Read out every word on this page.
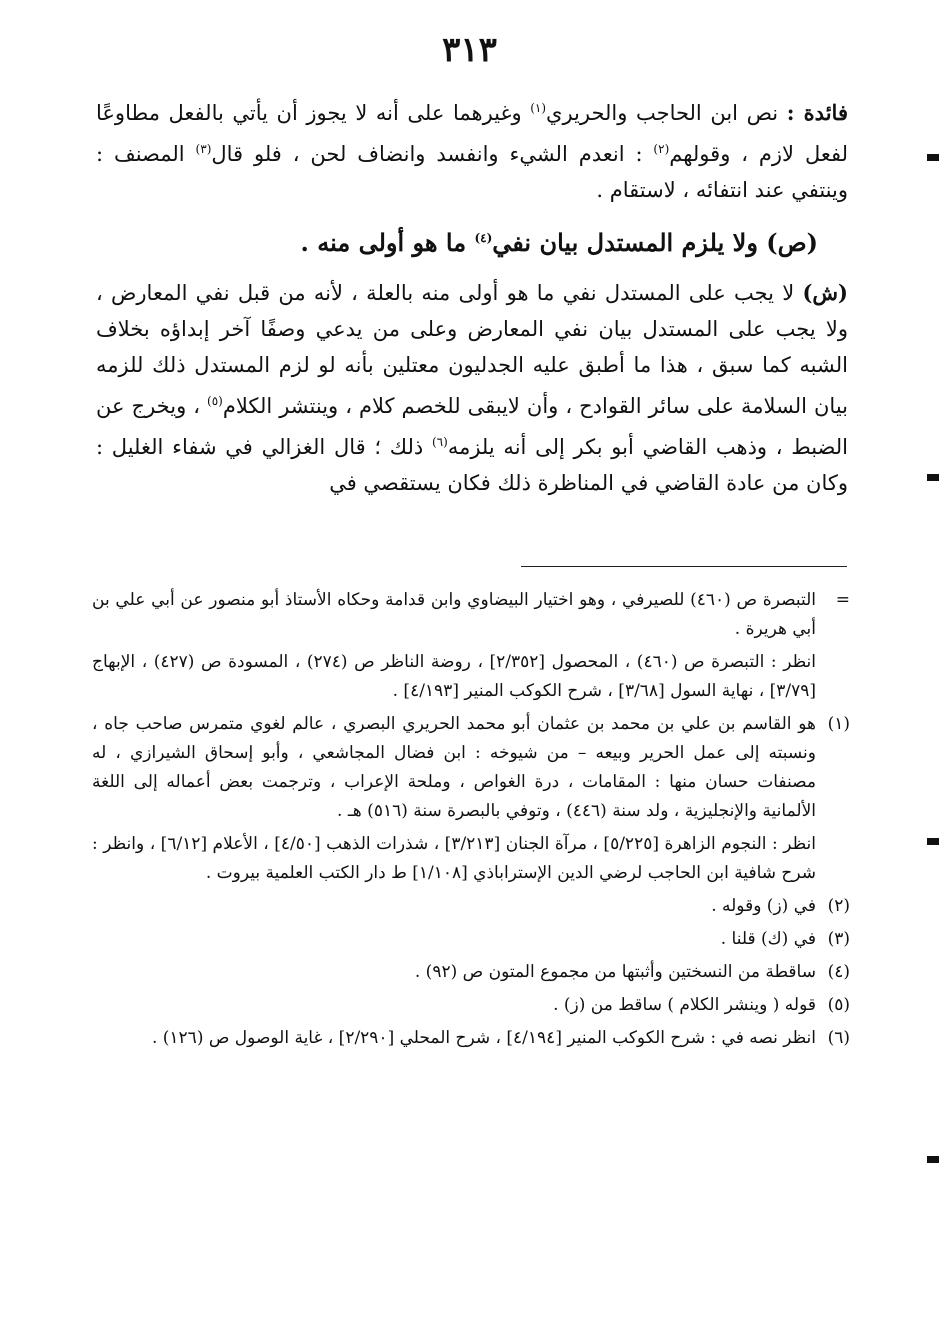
٣١٣

فائدة : نص ابن الحاجب والحريري$^{(١)}$ وغيرهما على أنه لا يجوز أن يأتي بالفعل مطاوعًا لفعل لازم ، وقولهم$^{(٢)}$ : انعدم الشيء وانفسد وانضاف لحن ، فلو قال$^{(٣)}$ المصنف : وينتفي عند انتفائه ، لاستقام .

(ص) ولا يلزم المستدل بيان نفي$^{(٤)}$ ما هو أولى منه .

(ش) لا يجب على المستدل نفي ما هو أولى منه بالعلة ، لأنه من قبل نفي المعارض ، ولا يجب على المستدل بيان نفي المعارض وعلى من يدعي وصفًا آخر إبداؤه بخلاف الشبه كما سبق ، هذا ما أطبق عليه الجدليون معتلين بأنه لو لزم المستدل ذلك للزمه بيان السلامة على سائر القوادح ، وأن لايبقى للخصم كلام ، وينتشر الكلام$^{(٥)}$ ، ويخرج عن الضبط ، وذهب القاضي أبو بكر إلى أنه يلزمه$^{(٦)}$ ذلك ؛ قال الغزالي في شفاء الغليل : وكان من عادة القاضي في المناظرة ذلك فكان يستقصي في

=

التبصرة ص (٤٦٠) للصيرفي ، وهو اختيار البيضاوي وابن قدامة وحكاه الأستاذ أبو منصور عن أبي علي بن أبي هريرة .

انظر : التبصرة ص (٤٦٠) ، المحصول [٢/٣٥٢] ، روضة الناظر ص (٢٧٤) ، المسودة ص (٤٢٧) ، الإبهاج [٣/٧٩] ، نهاية السول [٣/٦٨] ، شرح الكوكب المنير [٤/١٩٣] .

(١)

هو القاسم بن علي بن محمد بن عثمان أبو محمد الحريري البصري ، عالم لغوي متمرس صاحب جاه ، ونسبته إلى عمل الحرير وبيعه – من شيوخه : ابن فضال المجاشعي ، وأبو إسحاق الشيرازي ، له مصنفات حسان منها : المقامات ، درة الغواص ، وملحة الإعراب ، وترجمت بعض أعماله إلى اللغة الألمانية والإنجليزية ، ولد سنة (٤٤٦) ، وتوفي بالبصرة سنة (٥١٦) هـ .

انظر : النجوم الزاهرة [٥/٢٢٥] ، مرآة الجنان [٣/٢١٣] ، شذرات الذهب [٤/٥٠] ، الأعلام [٦/١٢] ، وانظر : شرح شافية ابن الحاجب لرضي الدين الإستراباذي [١/١٠٨] ط دار الكتب العلمية بيروت .

(٢)
في (ز) وقوله .
(٣)
في (ك) قلنا .
(٤)
ساقطة من النسختين وأثبتها من مجموع المتون ص (٩٢) .
(٥)
قوله ( وينشر الكلام ) ساقط من (ز) .
(٦)
انظر نصه في : شرح الكوكب المنير [٤/١٩٤] ، شرح المحلي [٢/٢٩٠] ، غاية الوصول ص (١٢٦) .
